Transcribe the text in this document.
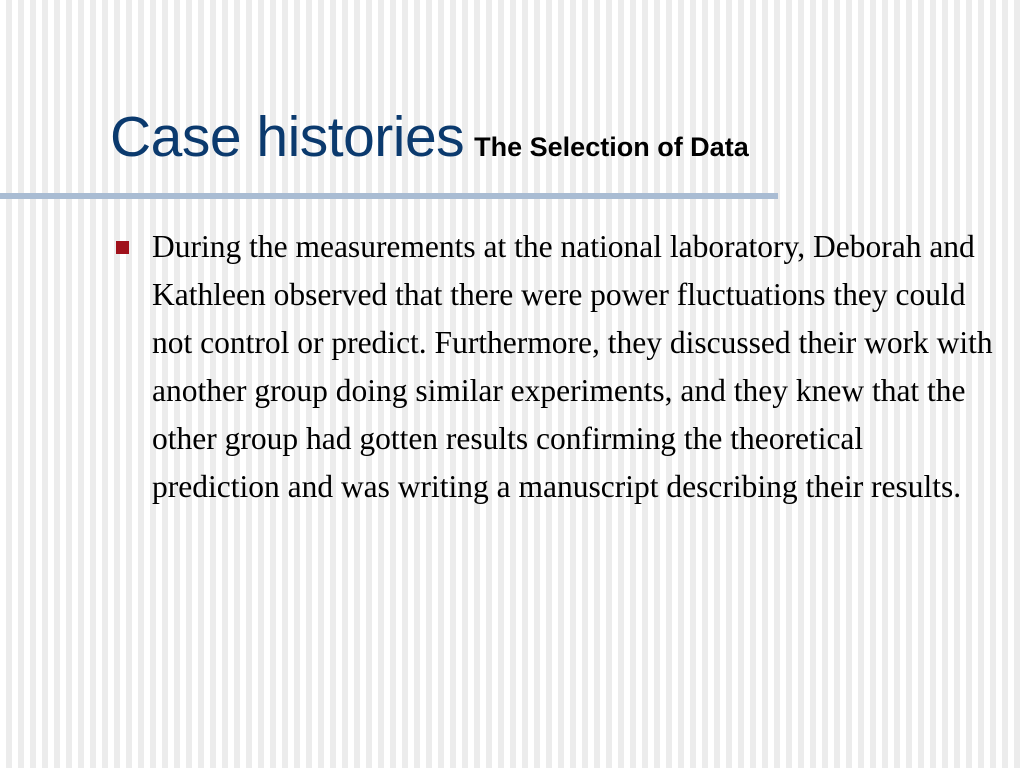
Case histories The Selection of Data
During the measurements at the national laboratory, Deborah and Kathleen observed that there were power fluctuations they could not control or predict. Furthermore, they discussed their work with another group doing similar experiments, and they knew that the other group had gotten results confirming the theoretical prediction and was writing a manuscript describing their results.
